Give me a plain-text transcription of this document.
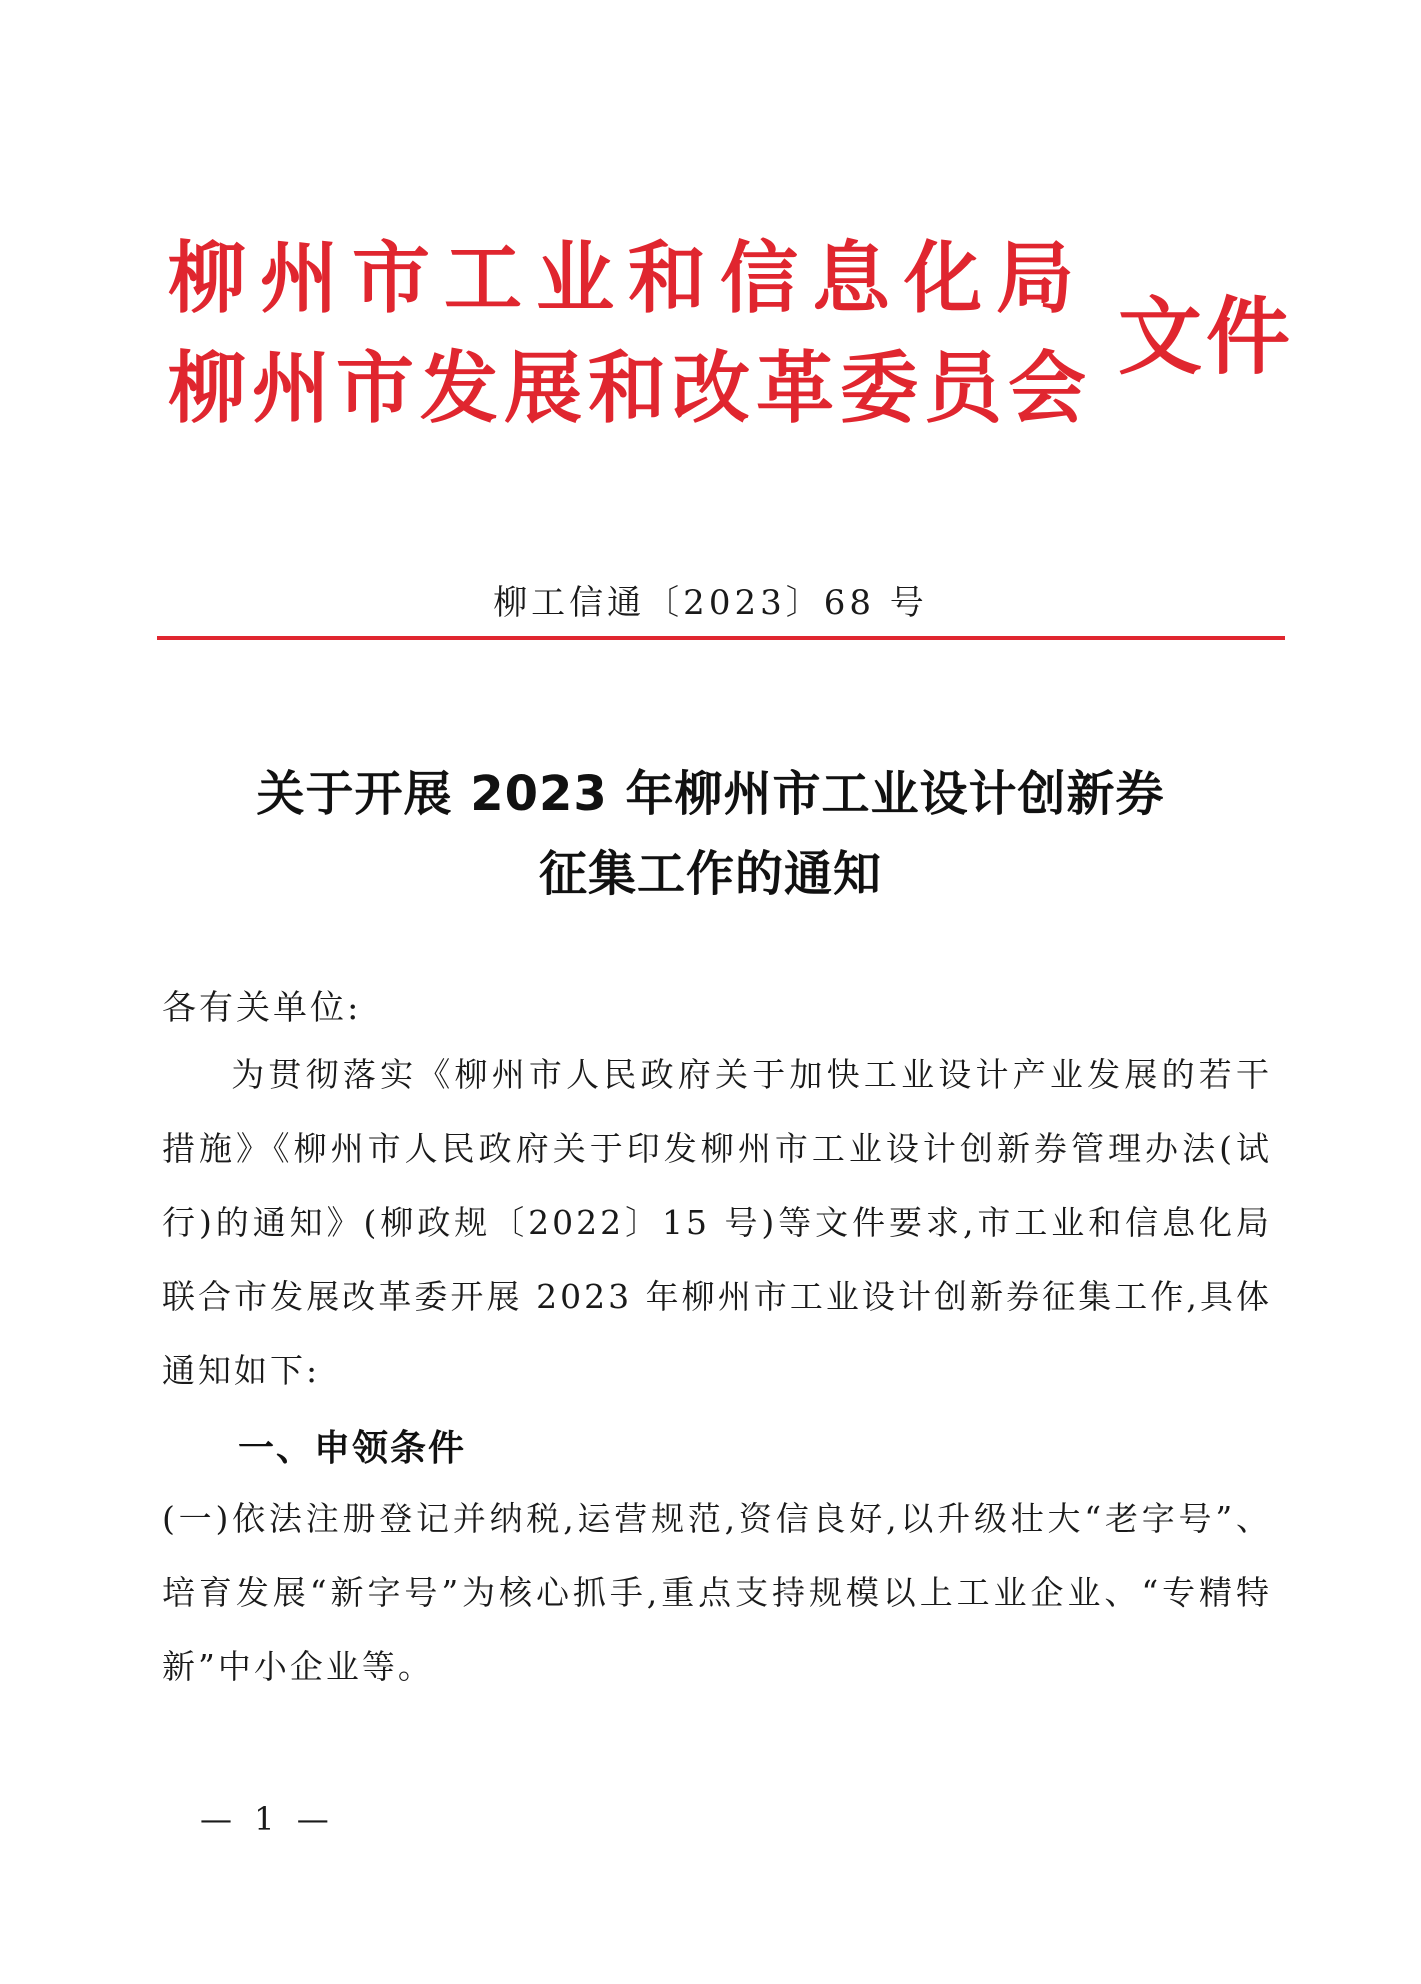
柳州市工业和信息化局
柳州市发展和改革委员会
文件
柳工信通〔2023〕68 号
关于开展 2023 年柳州市工业设计创新券
征集工作的通知
各有关单位:
为贯彻落实《柳州市人民政府关于加快工业设计产业发展的若干措施》《柳州市人民政府关于印发柳州市工业设计创新券管理办法(试行)的通知》(柳政规〔2022〕15 号)等文件要求,市工业和信息化局联合市发展改革委开展 2023 年柳州市工业设计创新券征集工作,具体通知如下:
一、申领条件
(一)依法注册登记并纳税,运营规范,资信良好,以升级壮大“老字号”、培育发展“新字号”为核心抓手,重点支持规模以上工业企业、“专精特新”中小企业等。
— 1 —
